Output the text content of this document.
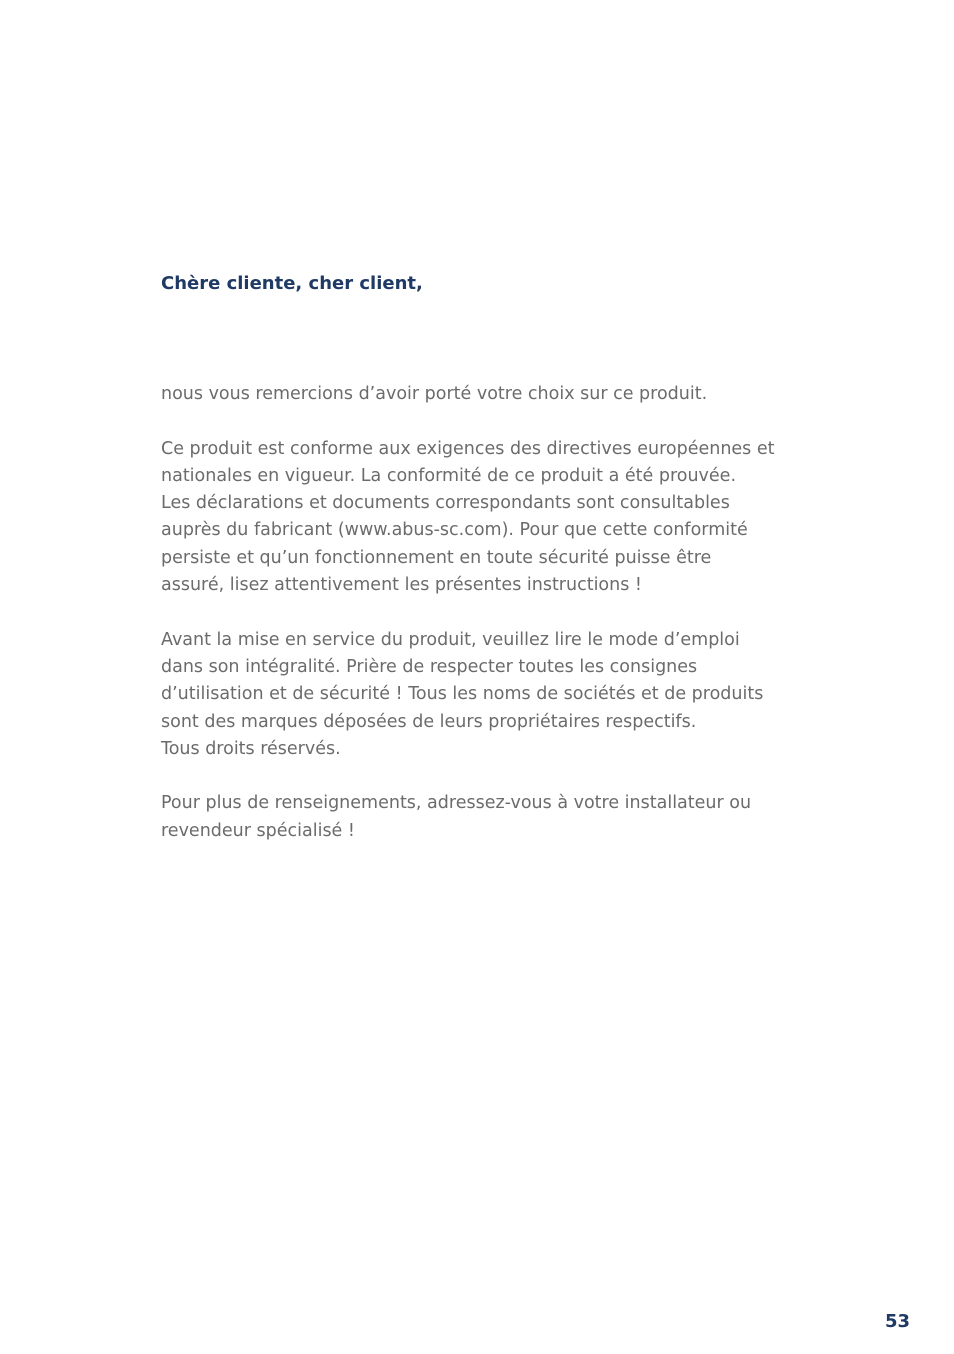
Chère cliente, cher client,

nous vous remercions d’avoir porté votre choix sur ce produit.

Ce produit est conforme aux exigences des directives européennes et
nationales en vigueur. La conformité de ce produit a été prouvée.
Les déclarations et documents correspondants sont consultables
auprès du fabricant (www.abus-sc.com). Pour que cette conformité
persiste et qu’un fonctionnement en toute sécurité puisse être
assuré, lisez attentivement les présentes instructions !

Avant la mise en service du produit, veuillez lire le mode d’emploi
dans son intégralité. Prière de respecter toutes les consignes
d’utilisation et de sécurité ! Tous les noms de sociétés et de produits
sont des marques déposées de leurs propriétaires respectifs.
Tous droits réservés.

Pour plus de renseignements, adressez-vous à votre installateur ou
revendeur spécialisé !

53
